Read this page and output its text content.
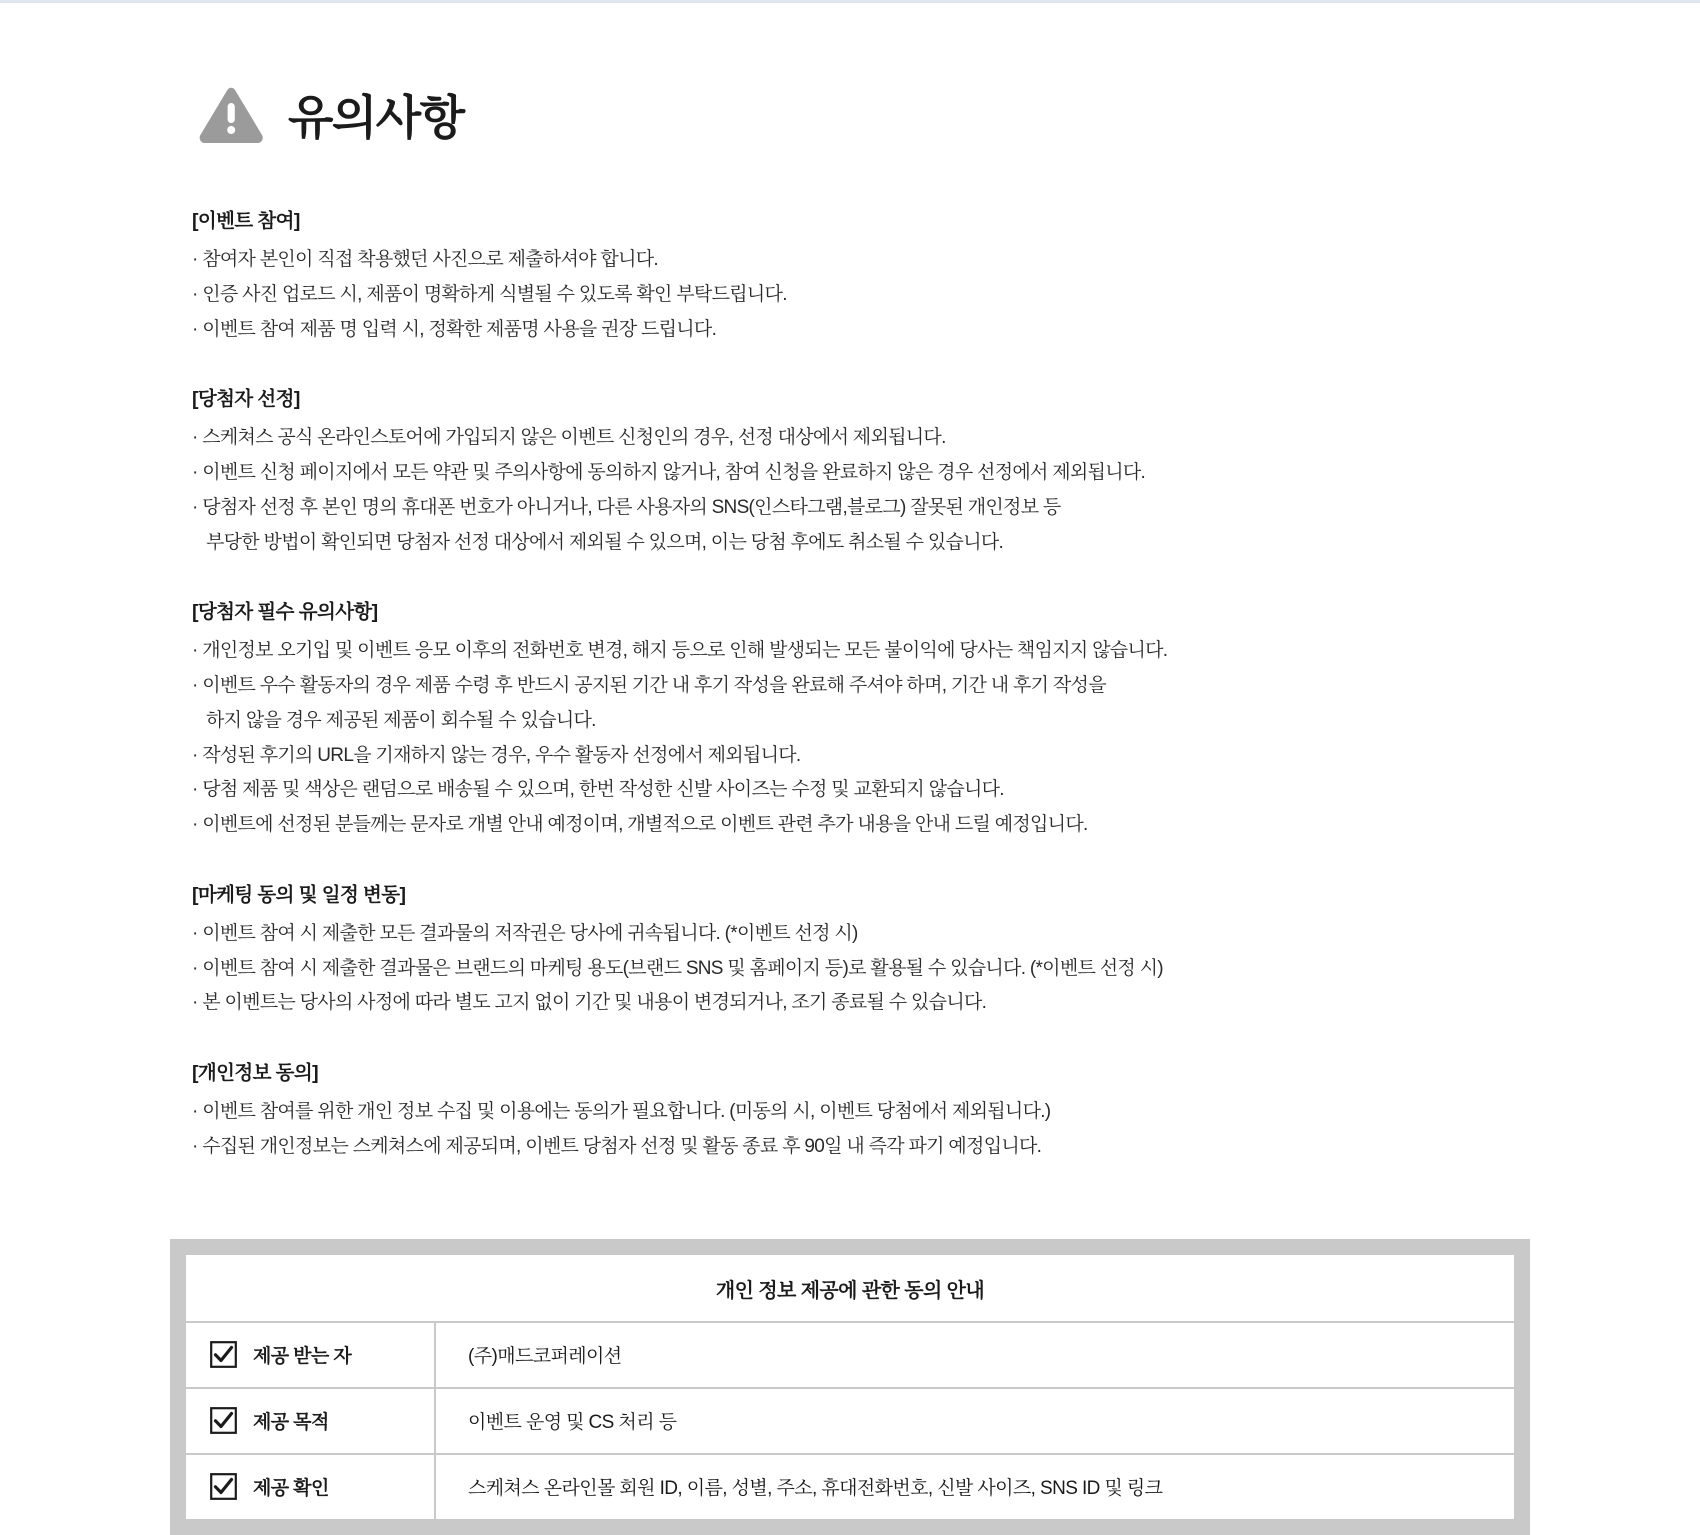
유의사항
[이벤트 참여]
· 참여자 본인이 직접 착용했던 사진으로 제출하셔야 합니다.
· 인증 사진 업로드 시, 제품이 명확하게 식별될 수 있도록 확인 부탁드립니다.
· 이벤트 참여 제품 명 입력 시, 정확한 제품명 사용을 권장 드립니다.
[당첨자 선정]
· 스케쳐스 공식 온라인스토어에 가입되지 않은 이벤트 신청인의 경우, 선정 대상에서 제외됩니다.
· 이벤트 신청 페이지에서 모든 약관 및 주의사항에 동의하지 않거나, 참여 신청을 완료하지 않은 경우 선정에서 제외됩니다.
· 당첨자 선정 후 본인 명의 휴대폰 번호가 아니거나, 다른 사용자의 SNS(인스타그램,블로그) 잘못된 개인정보 등
부당한 방법이 확인되면 당첨자 선정 대상에서 제외될 수 있으며, 이는 당첨 후에도 취소될 수 있습니다.
[당첨자 필수 유의사항]
· 개인정보 오기입 및 이벤트 응모 이후의 전화번호 변경, 해지 등으로 인해 발생되는 모든 불이익에 당사는 책임지지 않습니다.
· 이벤트 우수 활동자의 경우 제품 수령 후 반드시 공지된 기간 내 후기 작성을 완료해 주셔야 하며, 기간 내 후기 작성을
하지 않을 경우 제공된 제품이 회수될 수 있습니다.
· 작성된 후기의 URL을 기재하지 않는 경우, 우수 활동자 선정에서 제외됩니다.
· 당첨 제품 및 색상은 랜덤으로 배송될 수 있으며, 한번 작성한 신발 사이즈는 수정 및 교환되지 않습니다.
· 이벤트에 선정된 분들께는 문자로 개별 안내 예정이며, 개별적으로 이벤트 관련 추가 내용을 안내 드릴 예정입니다.
[마케팅 동의 및 일정 변동]
· 이벤트 참여 시 제출한 모든 결과물의 저작권은 당사에 귀속됩니다. (*이벤트 선정 시)
· 이벤트 참여 시 제출한 결과물은 브랜드의 마케팅 용도(브랜드 SNS 및 홈페이지 등)로 활용될 수 있습니다. (*이벤트 선정 시)
· 본 이벤트는 당사의 사정에 따라 별도 고지 없이 기간 및 내용이 변경되거나, 조기 종료될 수 있습니다.
[개인정보 동의]
· 이벤트 참여를 위한 개인 정보 수집 및 이용에는 동의가 필요합니다. (미동의 시, 이벤트 당첨에서 제외됩니다.)
· 수집된 개인정보는 스케쳐스에 제공되며, 이벤트 당첨자 선정 및 활동 종료 후 90일 내 즉각 파기 예정입니다.
개인 정보 제공에 관한 동의 안내
제공 받는 자	(주)매드코퍼레이션
제공 목적	이벤트 운영 및 CS 처리 등
제공 확인	스케쳐스 온라인몰 회원 ID, 이름, 성별, 주소, 휴대전화번호, 신발 사이즈, SNS ID 및 링크
